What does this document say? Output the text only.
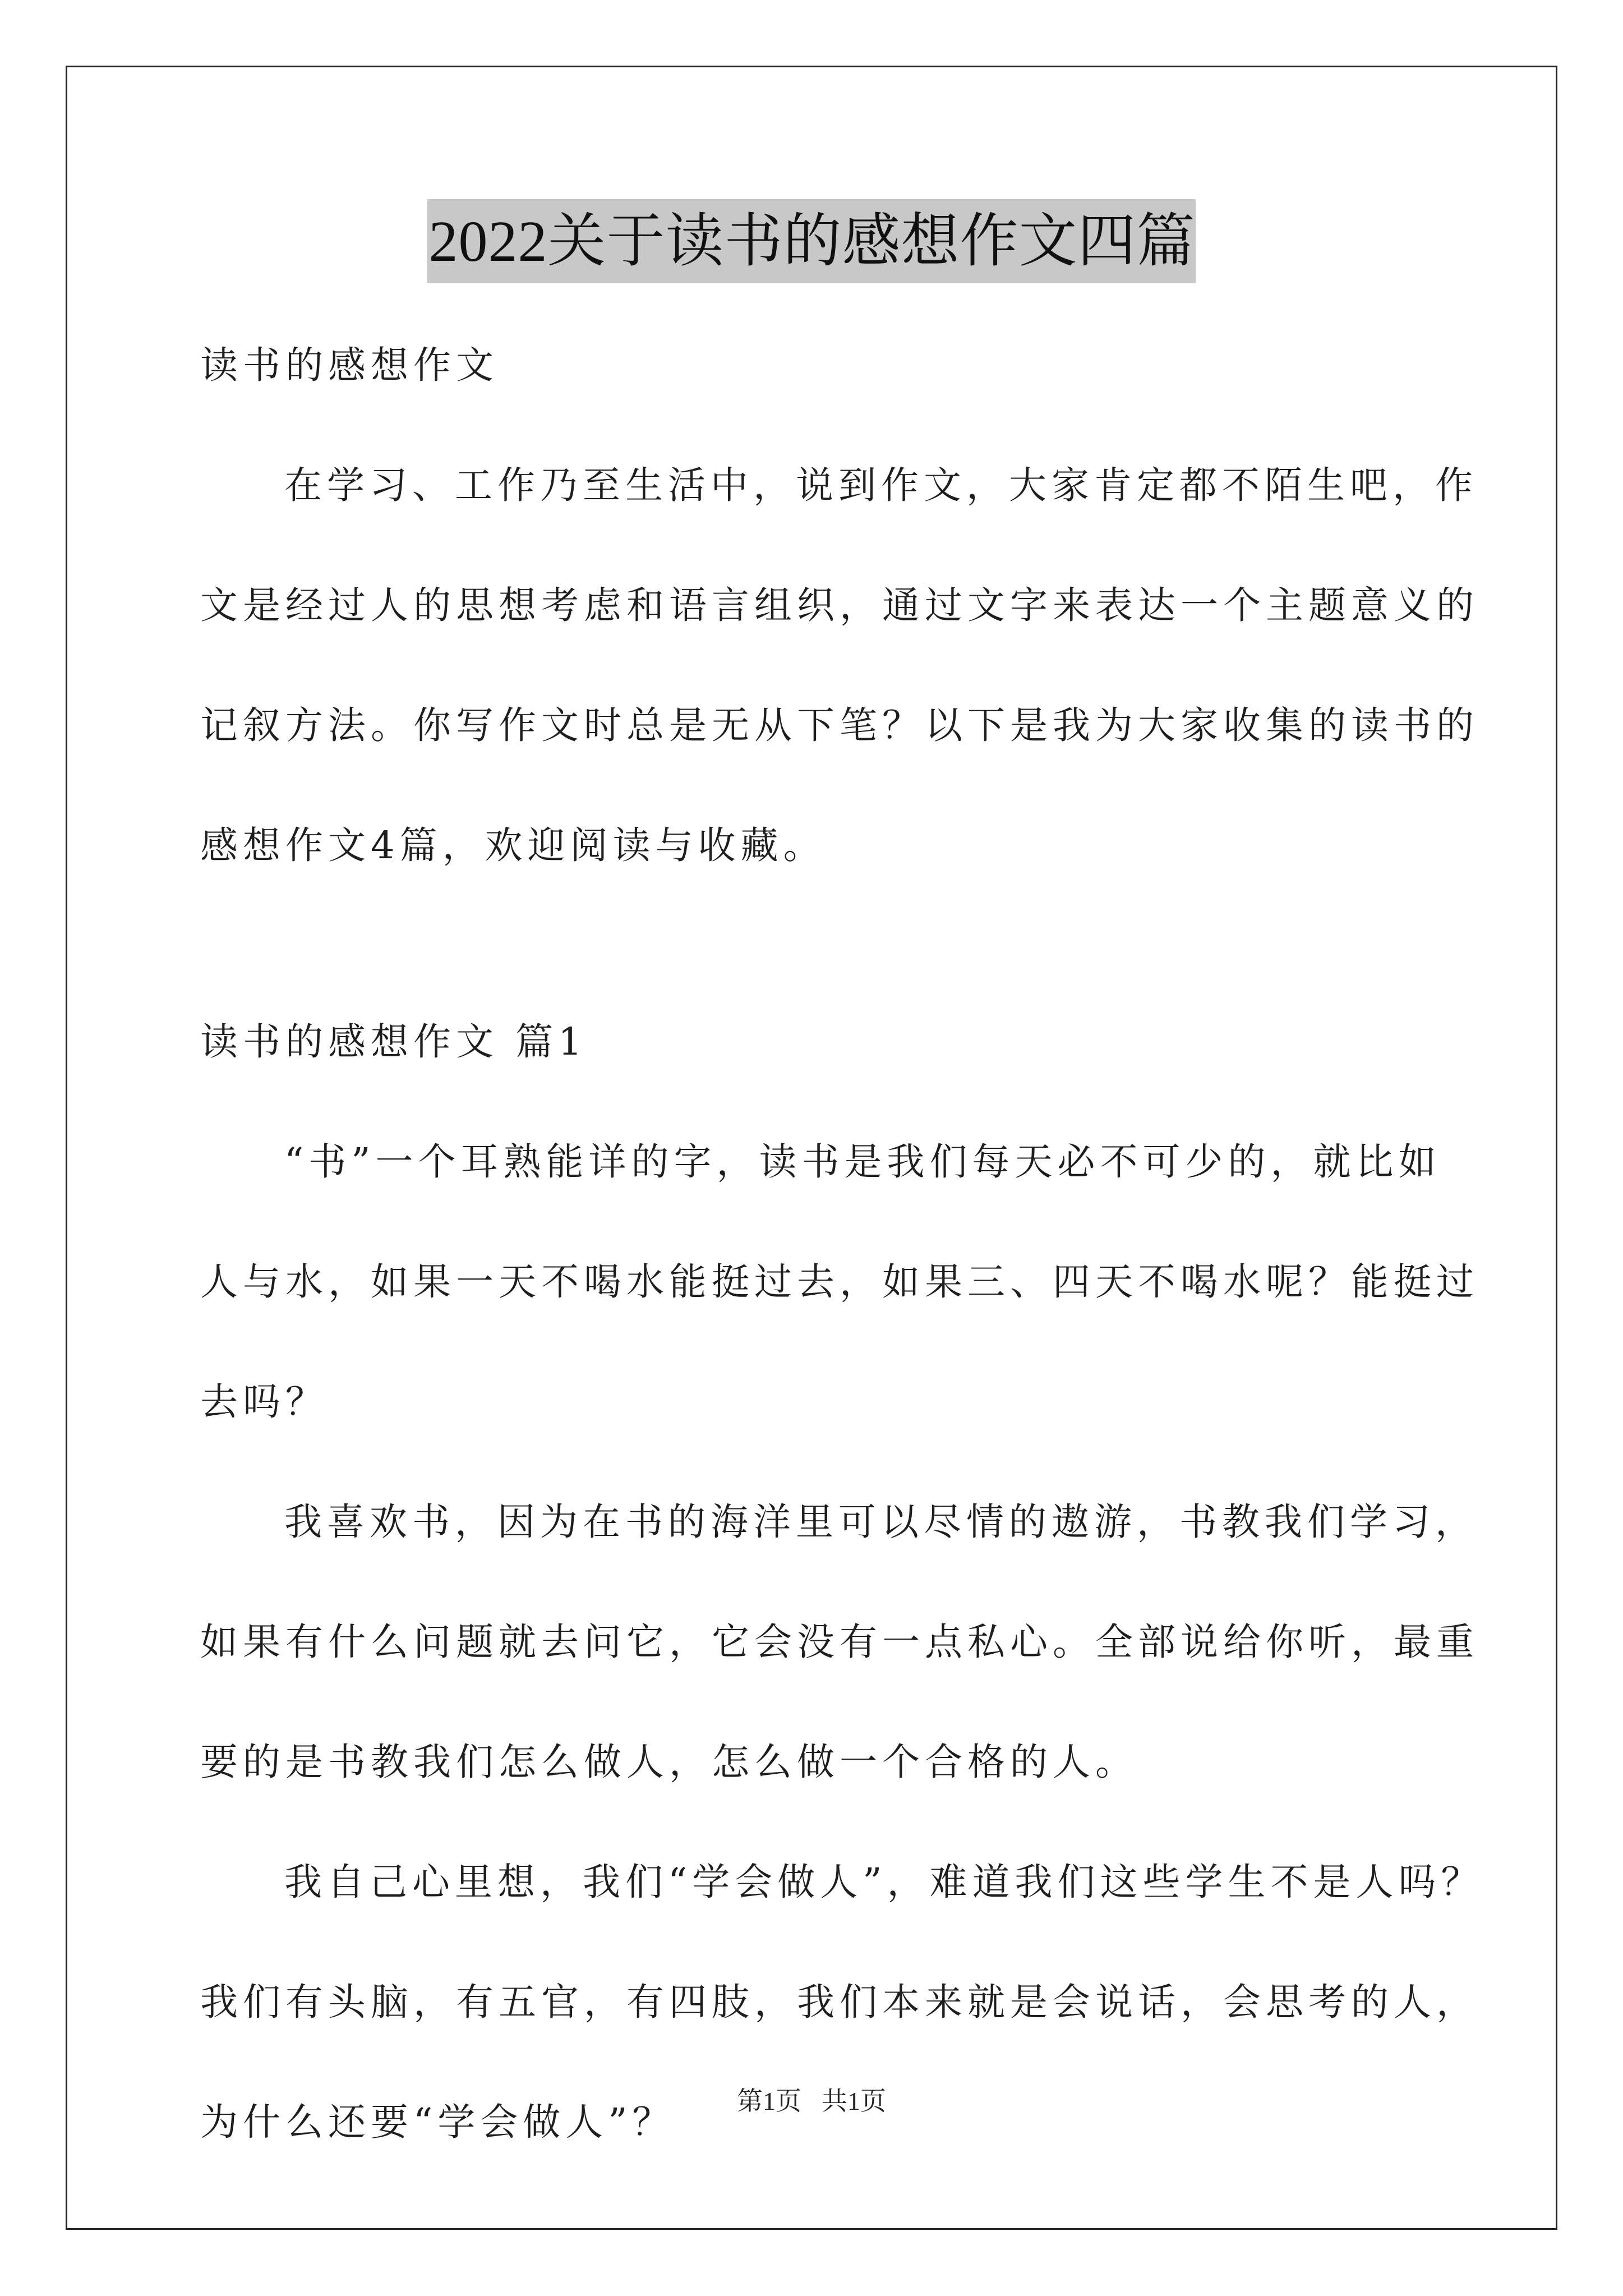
2022关于读书的感想作文四篇
读书的感想作文
在学习、工作乃至生活中，说到作文，大家肯定都不陌生吧，作
文是经过人的思想考虑和语言组织，通过文字来表达一个主题意义的
记叙方法。你写作文时总是无从下笔？以下是我为大家收集的读书的
感想作文4篇，欢迎阅读与收藏。
读书的感想作文 篇1
“书”一个耳熟能详的字，读书是我们每天必不可少的，就比如
人与水，如果一天不喝水能挺过去，如果三、四天不喝水呢？能挺过
去吗？
我喜欢书，因为在书的海洋里可以尽情的遨游，书教我们学习，
如果有什么问题就去问它，它会没有一点私心。全部说给你听，最重
要的是书教我们怎么做人，怎么做一个合格的人。
我自己心里想，我们“学会做人”，难道我们这些学生不是人吗？
我们有头脑，有五官，有四肢，我们本来就是会说话，会思考的人，
为什么还要“学会做人”？	第1页 共1页
